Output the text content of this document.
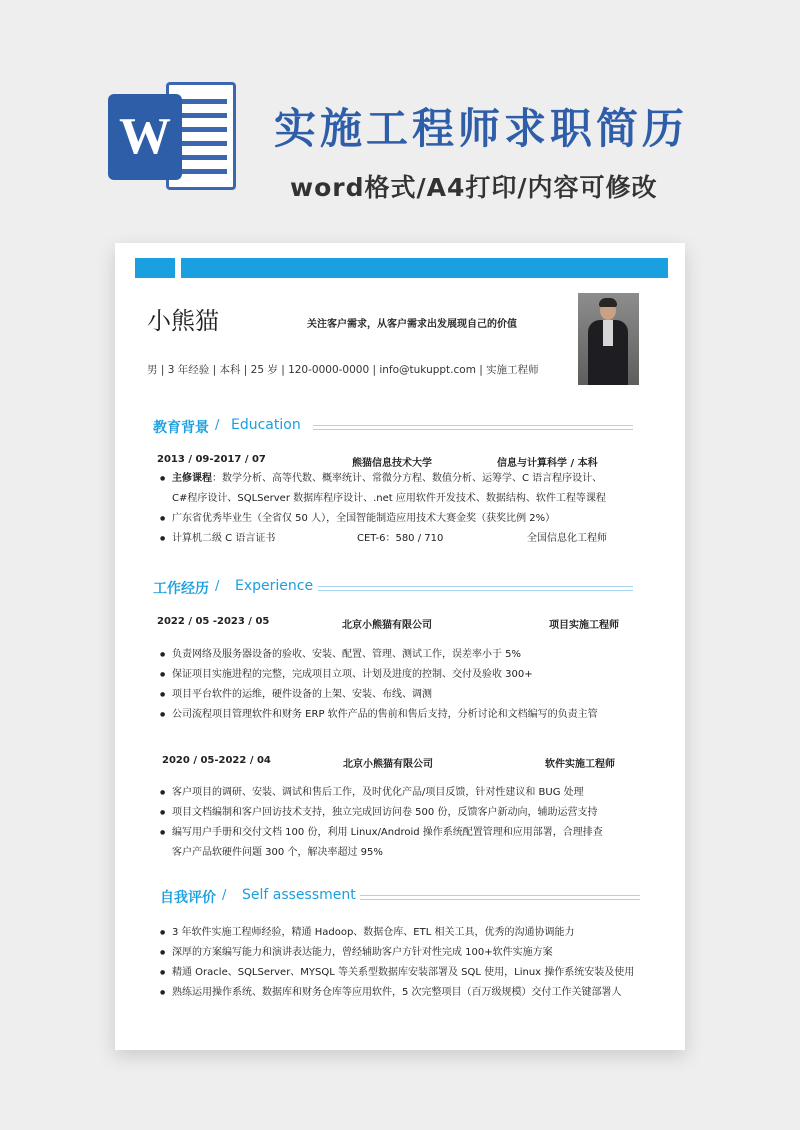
W 实施工程师求职简历
word格式/A4打印/内容可修改
小熊猫	关注客户需求，从客户需求出发展现自己的价值
男 | 3 年经验 | 本科 | 25 岁 | 120-0000-0000 | info@tukuppt.com | 实施工程师
教育背景 / Education
2013 / 09-2017 / 07	熊猫信息技术大学	信息与计算科学 / 本科
● 主修课程：数学分析、高等代数、概率统计、常微分方程、数值分析、运筹学、C 语言程序设计、
C#程序设计、SQLServer 数据库程序设计、.net 应用软件开发技术、数据结构、软件工程等课程
● 广东省优秀毕业生（全省仅 50 人），全国智能制造应用技术大赛金奖（获奖比例 2%）
● 计算机二级 C 语言证书	CET-6：580 / 710	全国信息化工程师
工作经历 / Experience
2022 / 05 -2023 / 05	北京小熊猫有限公司	项目实施工程师
● 负责网络及服务器设备的验收、安装、配置、管理、测试工作，误差率小于 5%
● 保证项目实施进程的完整，完成项目立项、计划及进度的控制、交付及验收 300+
● 项目平台软件的运维，硬件设备的上架、安装、布线、调测
● 公司流程项目管理软件和财务 ERP 软件产品的售前和售后支持，分析讨论和文档编写的负责主管
2020 / 05-2022 / 04	北京小熊猫有限公司	软件实施工程师
● 客户项目的调研、安装、调试和售后工作，及时优化产品/项目反馈，针对性建议和 BUG 处理
● 项目文档编制和客户回访技术支持，独立完成回访问卷 500 份，反馈客户新动向，辅助运营支持
● 编写用户手册和交付文档 100 份，利用 Linux/Android 操作系统配置管理和应用部署，合理排查
客户产品软硬件问题 300 个，解决率超过 95%
自我评价 / Self assessment
● 3 年软件实施工程师经验，精通 Hadoop、数据仓库、ETL 相关工具，优秀的沟通协调能力
● 深厚的方案编写能力和演讲表达能力，曾经辅助客户方针对性完成 100+软件实施方案
● 精通 Oracle、SQLServer、MYSQL 等关系型数据库安装部署及 SQL 使用，Linux 操作系统安装及使用
● 熟练运用操作系统、数据库和财务仓库等应用软件，5 次完整项目（百万级规模）交付工作关键部署人
